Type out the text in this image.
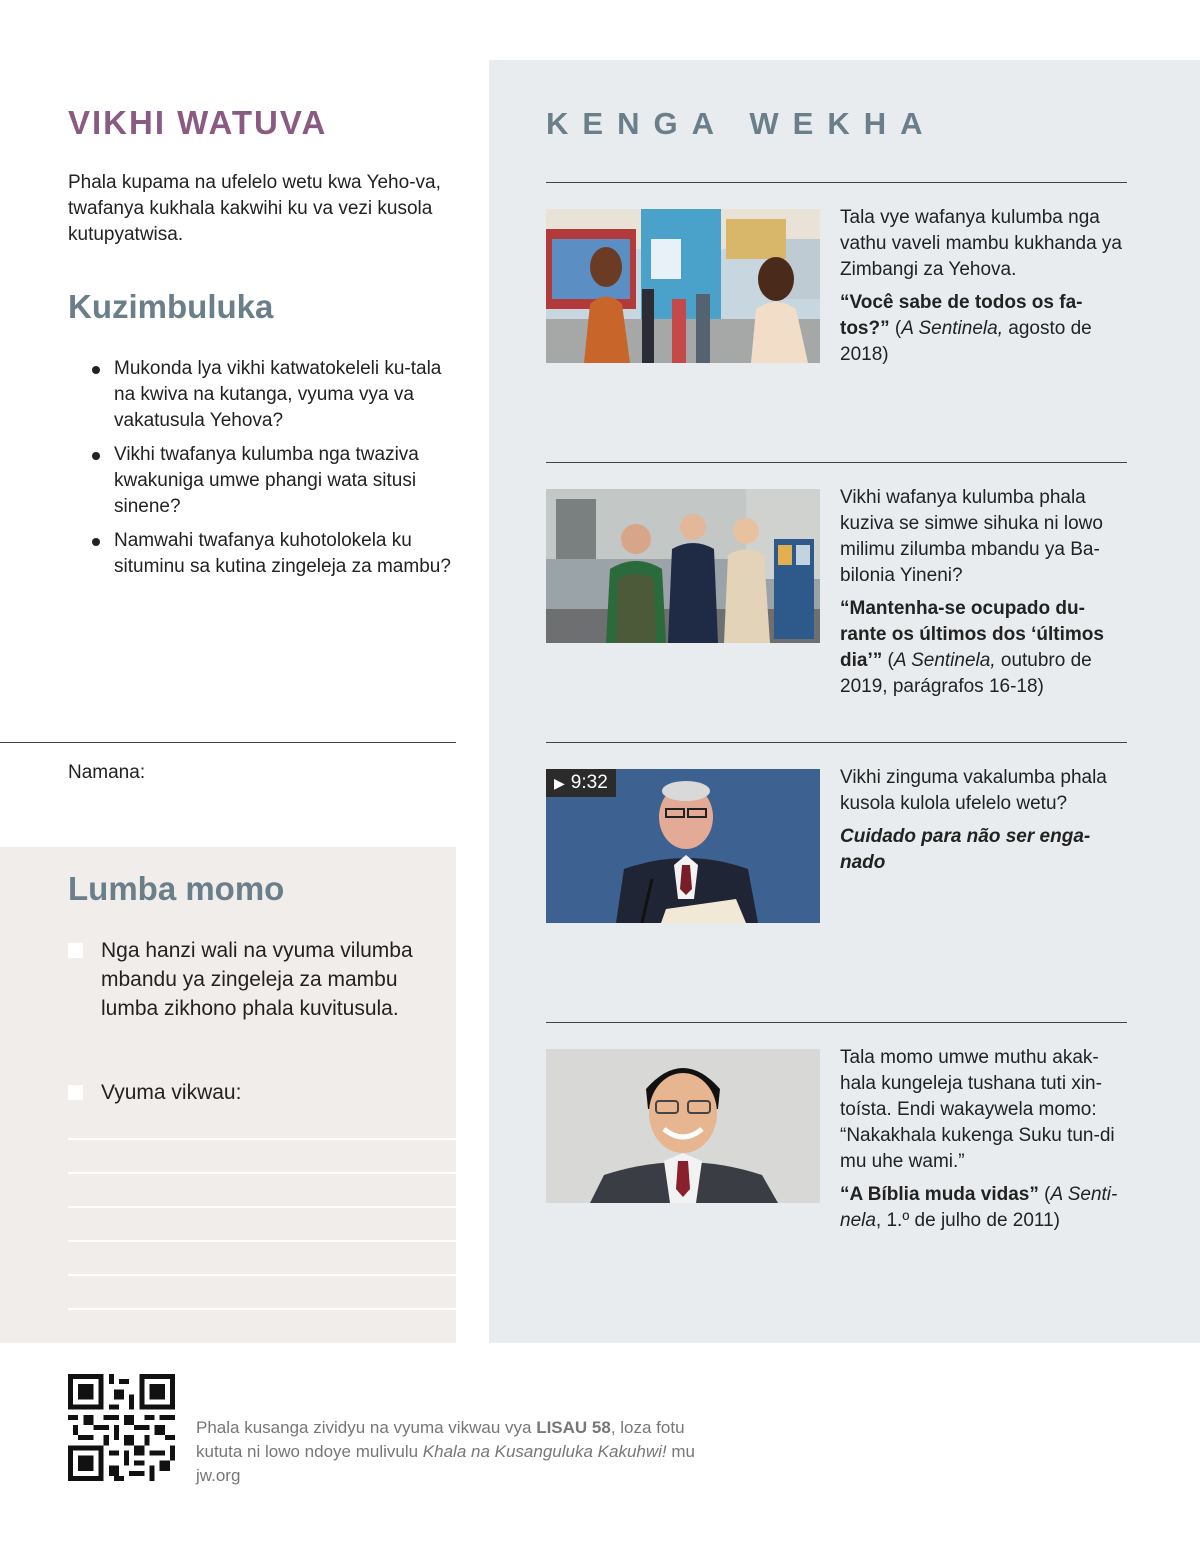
VIKHI WATUVA

Phala kupama na ufelelo wetu kwa Yeho-va, twafanya kukhala kakwihi ku va vezi kusola kutupyatwisa.

Kuzimbuluka
Mukonda lya vikhi katwatokeleli ku-tala na kwiva na kutanga, vyuma vya va vakatusula Yehova?
Vikhi twafanya kulumba nga twaziva kwakuniga umwe phangi wata situsi sinene?
Namwahi twafanya kuhotolokela ku situminu sa kutina zingeleja za mambu?

Namana:

Lumba momo

Nga hanzi wali na vyuma vilumba mbandu ya zingeleja za mambu lumba zikhono phala kuvitusula.

Vyuma vikwau:

KENGA WEKHA

Tala vye wafanya kulumba nga vathu vaveli mambu kukhanda ya Zimbangi za Yehova.

“Você sabe de todos os fa-tos?” (A Sentinela, agosto de 2018)

Vikhi wafanya kulumba phala kuziva se simwe sihuka ni lowo milimu zilumba mbandu ya Ba-bilonia Yineni?

“Mantenha-se ocupado du-rante os últimos dos ‘últimos dia’” (A Sentinela, outubro de 2019, parágrafos 16-18)

▶ 9:32	Vikhi zinguma vakalumba phala kusola kulola ufelelo wetu?

Cuidado para não ser enga-nado

Tala momo umwe muthu akak-hala kungeleja tushana tuti xin-toísta. Endi wakaywela momo: “Nakakhala kukenga Suku tun-di mu uhe wami.”

“A Bíblia muda vidas” (A Senti-nela, 1.º de julho de 2011)

Phala kusanga zividyu na vyuma vikwau vya LISAU 58, loza fotu kututa ni lowo ndoye mulivulu Khala na Kusanguluka Kakuhwi! mu jw.org
